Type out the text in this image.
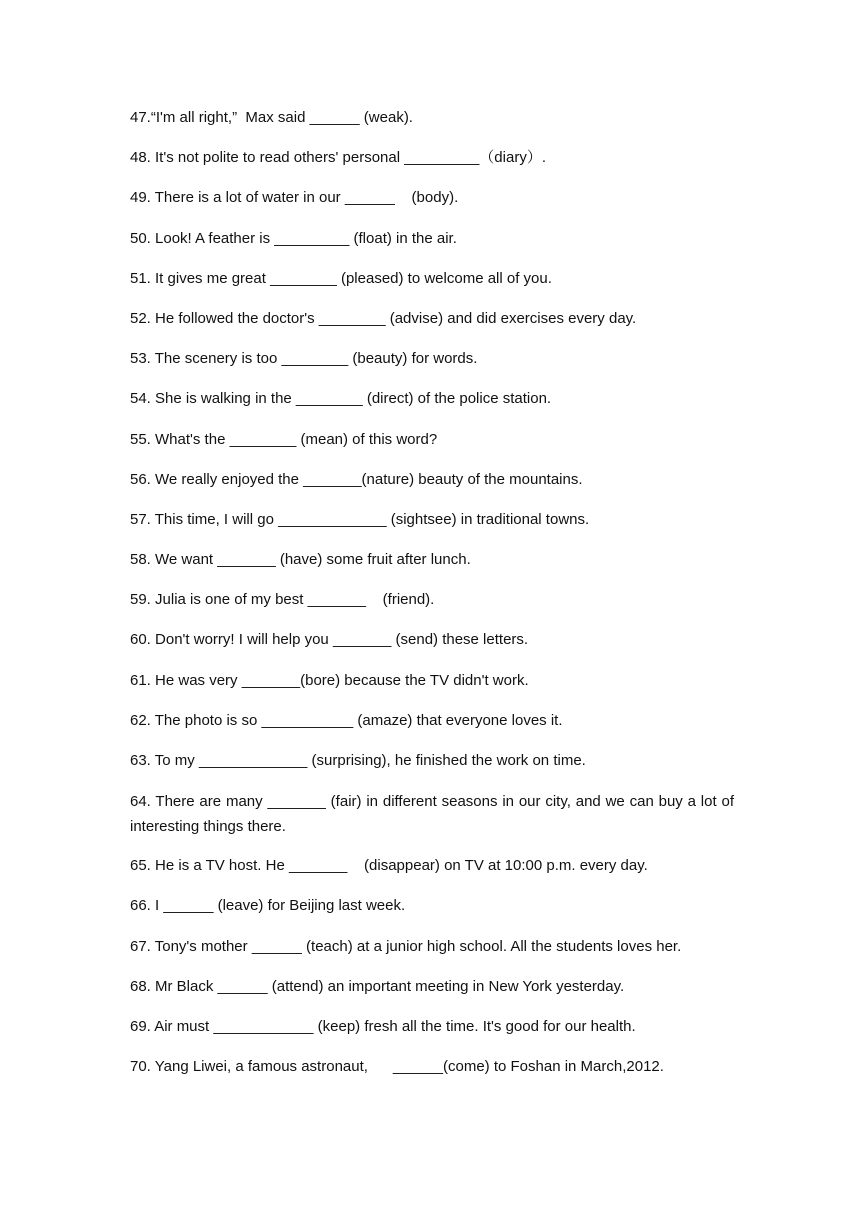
47.“I'm all right,”  Max said ______ (weak).
48. It's not polite to read others' personal _________（diary）.
49. There is a lot of water in our ______    (body).
50. Look! A feather is _________ (float) in the air.
51. It gives me great ________ (pleased) to welcome all of you.
52. He followed the doctor's ________ (advise) and did exercises every day.
53. The scenery is too ________ (beauty) for words.
54. She is walking in the ________ (direct) of the police station.
55. What's the ________ (mean) of this word?
56. We really enjoyed the _______(nature) beauty of the mountains.
57. This time, I will go _____________ (sightsee) in traditional towns.
58. We want _______ (have) some fruit after lunch.
59. Julia is one of my best _______    (friend).
60. Don't worry! I will help you _______ (send) these letters.
61. He was very _______(bore) because the TV didn't work.
62. The photo is so ___________ (amaze) that everyone loves it.
63. To my _____________ (surprising), he finished the work on time.
64. There are many _______ (fair) in different seasons in our city, and we can buy a lot of interesting things there.
65. He is a TV host. He _______    (disappear) on TV at 10:00 p.m. every day.
66. I ______ (leave) for Beijing last week.
67. Tony's mother ______ (teach) at a junior high school. All the students loves her.
68. Mr Black ______ (attend) an important meeting in New York yesterday.
69. Air must ____________ (keep) fresh all the time. It's good for our health.
70. Yang Liwei, a famous astronaut,      ______(come) to Foshan in March,2012.
